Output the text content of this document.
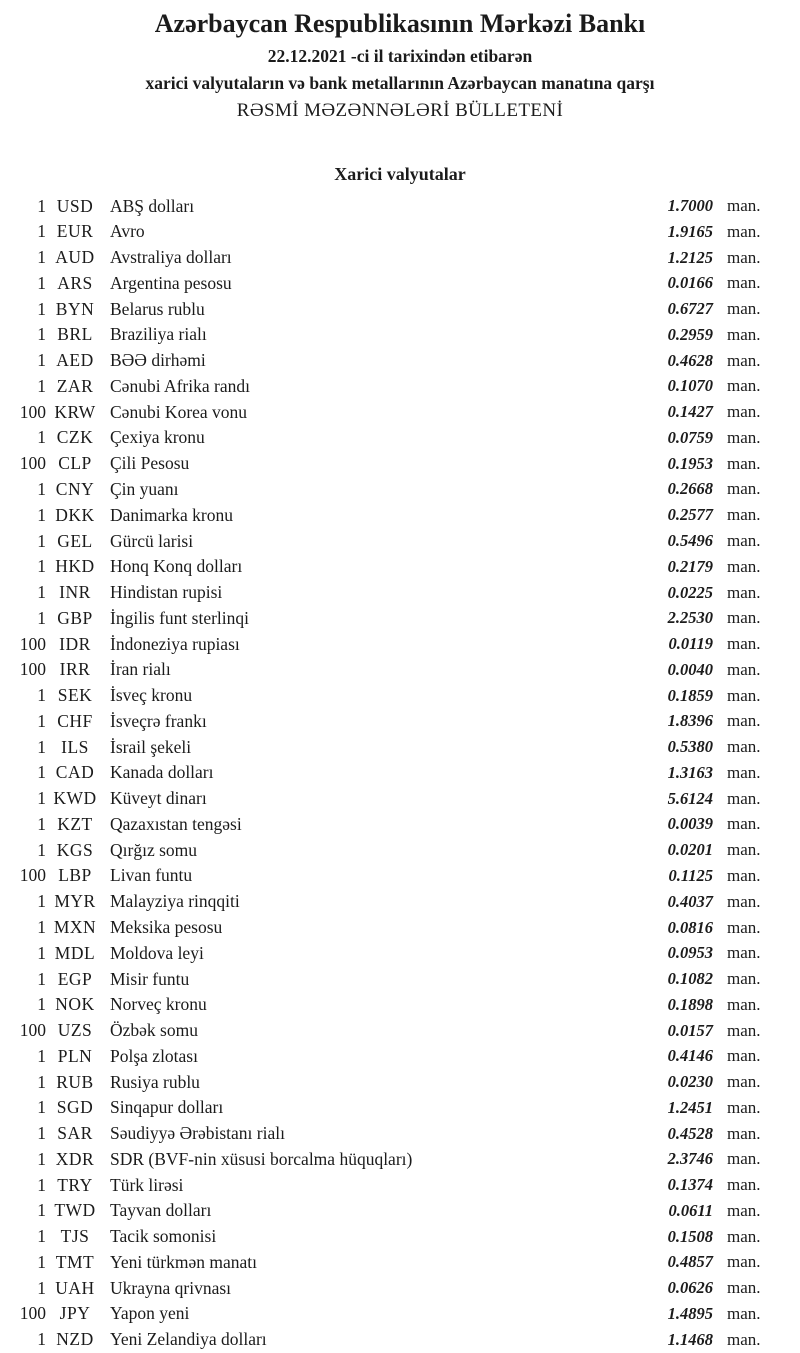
Azərbaycan Respublikasının Mərkəzi Bankı
22.12.2021 -ci il tarixindən etibarən
xarici valyutaların və bank metallarının Azərbaycan manatına qarşı
RƏSMİ MƏZƏNNƏLƏRİ BÜLLETENİ
Xarici valyutalar
1 USD ABŞ dolları	1.7000 man.
1 EUR Avro	1.9165 man.
1 AUD Avstraliya dolları	1.2125 man.
1 ARS Argentina pesosu	0.0166 man.
1 BYN Belarus rublu	0.6727 man.
1 BRL Braziliya rialı	0.2959 man.
1 AED BƏƏ dirhəmi	0.4628 man.
1 ZAR Cənubi Afrika randı	0.1070 man.
100 KRW Cənubi Korea vonu	0.1427 man.
1 CZK Çexiya kronu	0.0759 man.
100 CLP	Çili Pesosu	0.1953 man.
1 CNY Çin yuanı	0.2668 man.
1 DKK Danimarka kronu	0.2577 man.
1 GEL Gürcü larisi	0.5496 man.
1 HKD Honq Konq dolları	0.2179 man.
1 INR	Hindistan rupisi	0.0225 man.
1 GBP İngilis funt sterlinqi	2.2530 man.
100 IDR	İndoneziya rupiası	0.0119 man.
100 IRR	İran rialı	0.0040 man.
1 SEK	İsveç kronu	0.1859 man.
1 CHF İsveçrə frankı	1.8396 man.
1 ILS	İsrail şekeli	0.5380 man.
1 CAD Kanada dolları	1.3163 man.
1 KWD Küveyt dinarı	5.6124 man.
1 KZT Qazaxıstan tengəsi	0.0039 man.
1 KGS Qırğız somu	0.0201 man.
100 LBP	Livan funtu	0.1125 man.
1 MYR Malayziya rinqqiti	0.4037 man.
1 MXN Meksika pesosu	0.0816 man.
1 MDL Moldova leyi	0.0953 man.
1 EGP	Misir funtu	0.1082 man.
1 NOK Norveç kronu	0.1898 man.
100 UZS	Özbək somu	0.0157 man.
1 PLN	Polşa zlotası	0.4146 man.
1 RUB Rusiya rublu	0.0230 man.
1 SGD Sinqapur dolları	1.2451 man.
1 SAR Səudiyyə Ərəbistanı rialı	0.4528 man.
1 XDR SDR (BVF-nin xüsusi borcalma hüquqları)	2.3746 man.
1 TRY Türk lirəsi	0.1374 man.
1 TWD Tayvan dolları	0.0611 man.
1 TJS	Tacik somonisi	0.1508 man.
1 TMT Yeni türkmən manatı	0.4857 man.
1 UAH Ukrayna qrivnası	0.0626 man.
100 JPY	Yapon yeni	1.4895 man.
1 NZD Yeni Zelandiya dolları	1.1468 man.
